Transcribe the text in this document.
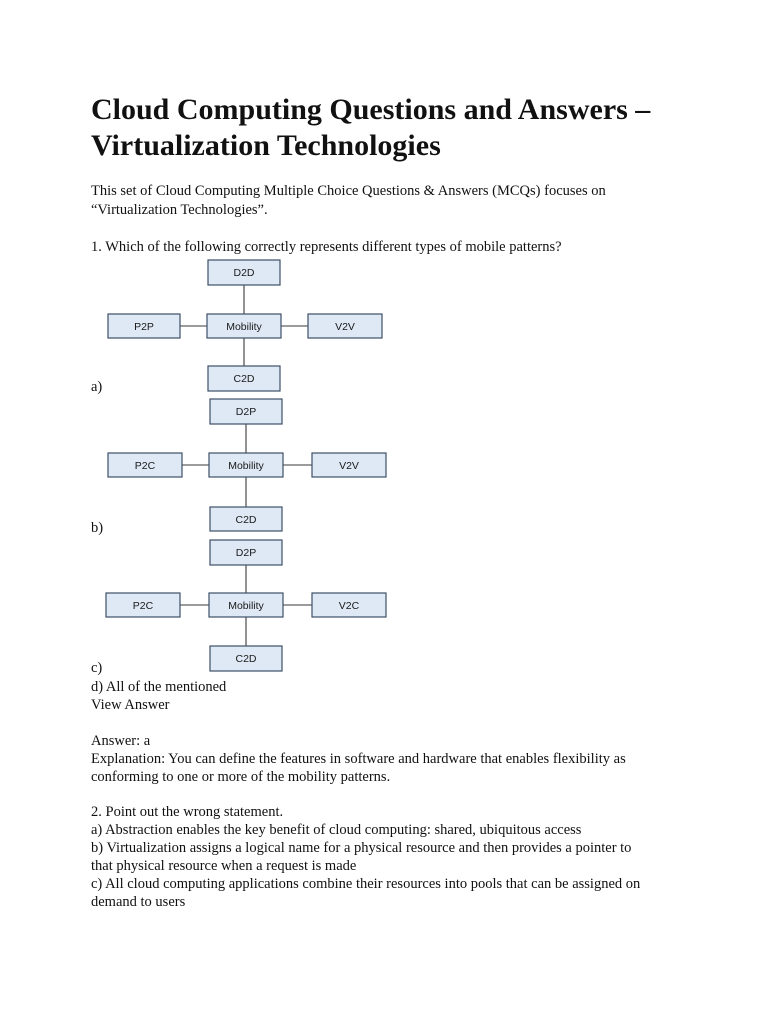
Cloud Computing Questions and Answers –
Virtualization Technologies
This set of Cloud Computing Multiple Choice Questions & Answers (MCQs) focuses on
“Virtualization Technologies”.
1. Which of the following correctly represents different types of mobile patterns?
D2D
P2P	Mobility	V2V
C2D
a)
D2P
P2C	Mobility	V2V
C2D
b)
D2P
P2C	Mobility	V2C
C2D
c)
d) All of the mentioned
View Answer
Answer: a
Explanation: You can define the features in software and hardware that enables flexibility as
conforming to one or more of the mobility patterns.
2. Point out the wrong statement.
a) Abstraction enables the key benefit of cloud computing: shared, ubiquitous access
b) Virtualization assigns a logical name for a physical resource and then provides a pointer to
that physical resource when a request is made
c) All cloud computing applications combine their resources into pools that can be assigned on
demand to users
